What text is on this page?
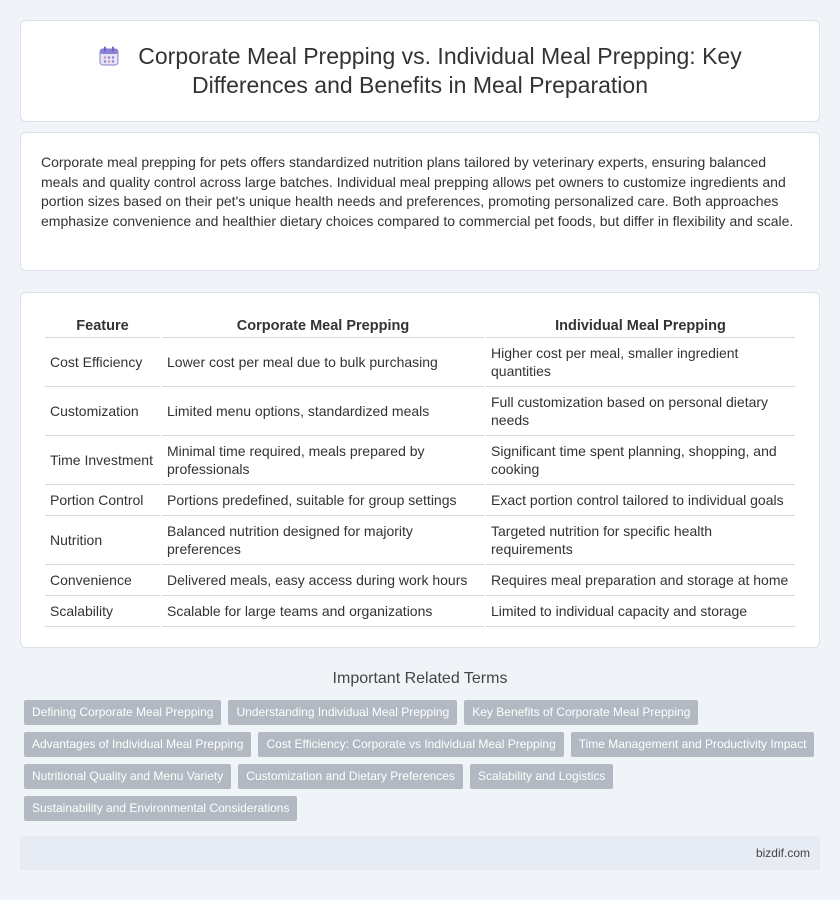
Corporate Meal Prepping vs. Individual Meal Prepping: Key Differences and Benefits in Meal Preparation

Corporate meal prepping for pets offers standardized nutrition plans tailored by veterinary experts, ensuring balanced meals and quality control across large batches. Individual meal prepping allows pet owners to customize ingredients and portion sizes based on their pet's unique health needs and preferences, promoting personalized care. Both approaches emphasize convenience and healthier dietary choices compared to commercial pet foods, but differ in flexibility and scale.

Feature	Corporate Meal Prepping	Individual Meal Prepping
Cost Efficiency	Lower cost per meal due to bulk purchasing	Higher cost per meal, smaller ingredient quantities
Customization	Limited menu options, standardized meals	Full customization based on personal dietary needs
Time Investment	Minimal time required, meals prepared by professionals	Significant time spent planning, shopping, and cooking
Portion Control	Portions predefined, suitable for group settings	Exact portion control tailored to individual goals
Nutrition	Balanced nutrition designed for majority preferences	Targeted nutrition for specific health requirements
Convenience	Delivered meals, easy access during work hours	Requires meal preparation and storage at home
Scalability	Scalable for large teams and organizations	Limited to individual capacity and storage
Important Related Terms
Defining Corporate Meal Prepping	Understanding Individual Meal Prepping	Key Benefits of Corporate Meal Prepping
Advantages of Individual Meal Prepping	Cost Efficiency: Corporate vs Individual Meal Prepping	Time Management and Productivity Impact
Nutritional Quality and Menu Variety	Customization and Dietary Preferences	Scalability and Logistics
Sustainability and Environmental Considerations
bizdif.com
